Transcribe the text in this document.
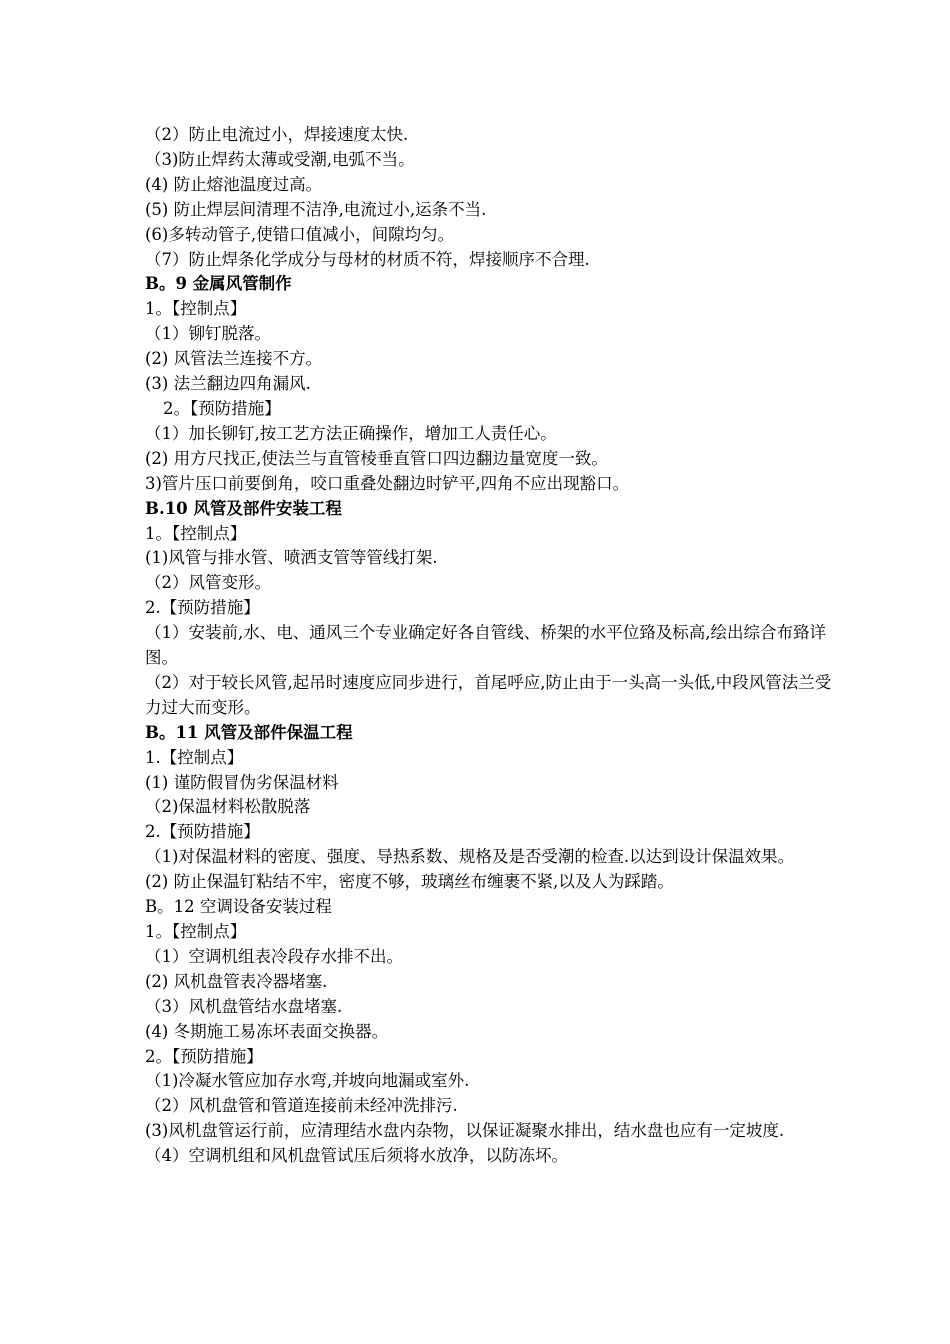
（2）防止电流过小，焊接速度太快.
（3)防止焊药太薄或受潮,电弧不当。
(4) 防止熔池温度过高。
(5) 防止焊层间清理不洁净,电流过小,运条不当.
(6)多转动管子,使错口值减小，间隙均匀。
（7）防止焊条化学成分与母材的材质不符，焊接顺序不合理.
B。9 金属风管制作
1。【控制点】
（1）铆钉脱落。
(2) 风管法兰连接不方。
(3) 法兰翻边四角漏风.
2。【预防措施】
（1）加长铆钉,按工艺方法正确操作，增加工人责任心。
(2) 用方尺找正,使法兰与直管棱垂直管口四边翻边量宽度一致。
3)管片压口前要倒角，咬口重叠处翻边时铲平,四角不应出现豁口。
B.10 风管及部件安装工程
1。【控制点】
(1)风管与排水管、喷洒支管等管线打架.
（2）风管变形。
2.【预防措施】
（1）安装前,水、电、通风三个专业确定好各自管线、桥架的水平位臵及标高,绘出综合布臵详图。
（2）对于较长风管,起吊时速度应同步进行，首尾呼应,防止由于一头高一头低,中段风管法兰受力过大而变形。
B。11 风管及部件保温工程
1.【控制点】
(1) 谨防假冒伪劣保温材料
（2)保温材料松散脱落
2.【预防措施】
（1)对保温材料的密度、强度、导热系数、规格及是否受潮的检查.以达到设计保温效果。
(2) 防止保温钉粘结不牢，密度不够，玻璃丝布缠裹不紧,以及人为踩踏。
B。12 空调设备安装过程
1。【控制点】
（1）空调机组表冷段存水排不出。
(2) 风机盘管表冷器堵塞.
（3）风机盘管结水盘堵塞.
(4) 冬期施工易冻坏表面交换器。
2。【预防措施】
（1)冷凝水管应加存水弯,并坡向地漏或室外.
（2）风机盘管和管道连接前未经冲洗排污.
(3)风机盘管运行前，应清理结水盘内杂物，以保证凝聚水排出，结水盘也应有一定坡度.
（4）空调机组和风机盘管试压后须将水放净，以防冻坏。
